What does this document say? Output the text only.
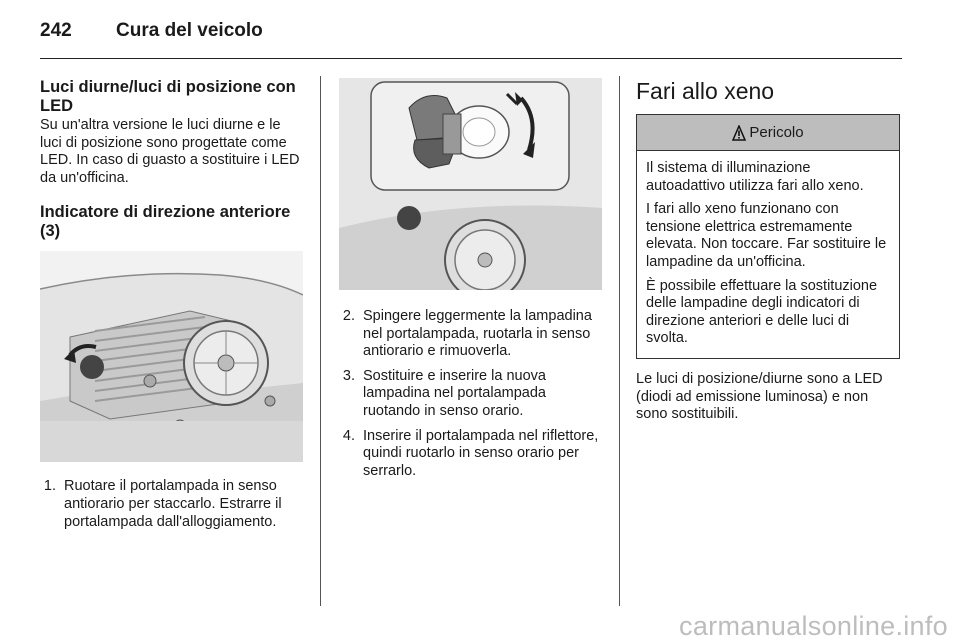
242	Cura del veicolo
Luci diurne/luci di posizione con LED
Su un'altra versione le luci diurne e le luci di posizione sono progettate come LED. In caso di guasto a sostituire i LED da un'officina.
Indicatore di direzione anteriore (3)
1. Ruotare il portalampada in senso antiorario per staccarlo. Estrarre il portalampada dall'alloggiamento.
2. Spingere leggermente la lampadina nel portalampada, ruotarla in senso antiorario e rimuoverla.
3. Sostituire e inserire la nuova lampadina nel portalampada ruotando in senso orario.
4. Inserire il portalampada nel riflettore, quindi ruotarlo in senso orario per serrarlo.
Fari allo xeno
Pericolo

Il sistema di illuminazione autoadattivo utilizza fari allo xeno.

I fari allo xeno funzionano con tensione elettrica estremamente elevata. Non toccare. Far sostituire le lampadine da un'officina.

È possibile effettuare la sostituzione delle lampadine degli indicatori di direzione anteriori e delle luci di svolta.

Le luci di posizione/diurne sono a LED (diodi ad emissione luminosa) e non sono sostituibili.
carmanualsonline.info
